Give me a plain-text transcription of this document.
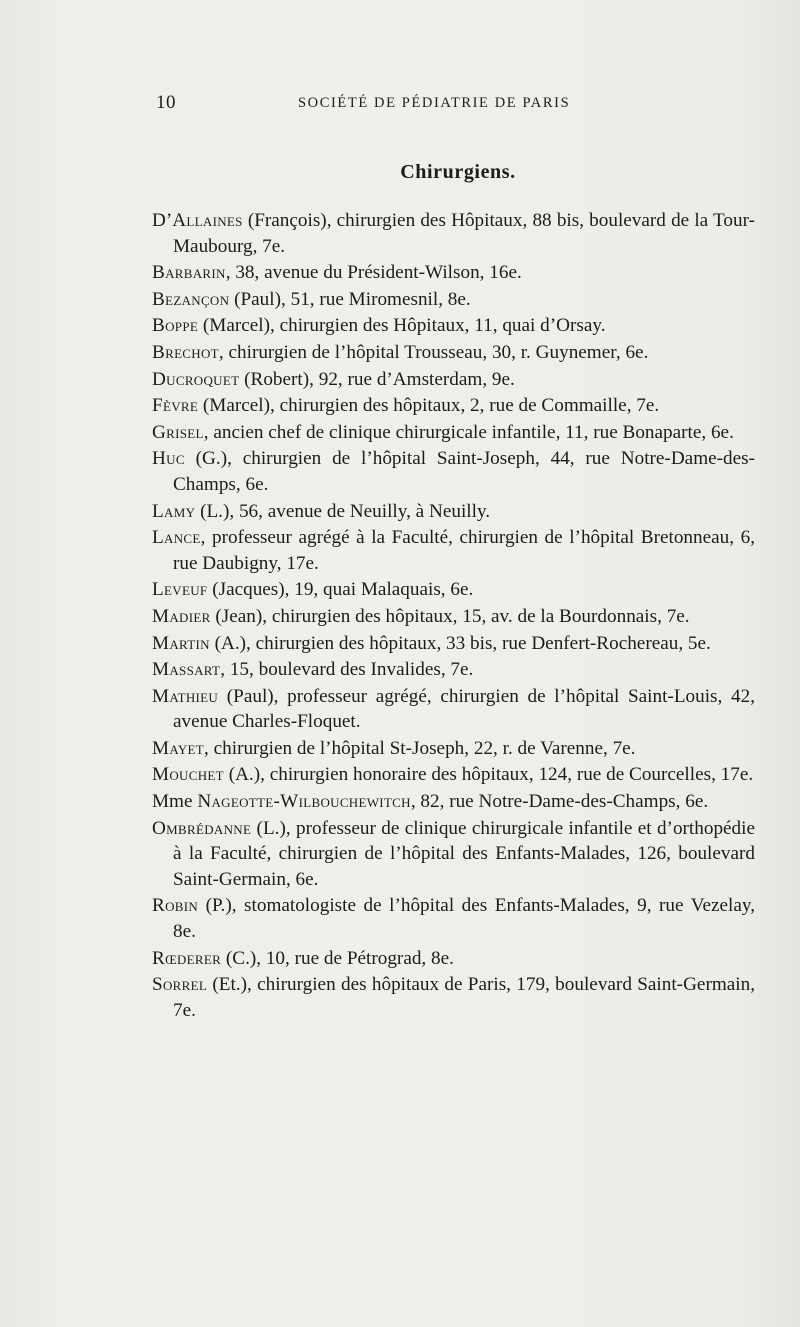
10	SOCIÉTÉ DE PÉDIATRIE DE PARIS
Chirurgiens.

D’Allaines (François), chirurgien des Hôpitaux, 88 bis, boulevard de la Tour-Maubourg, 7e.

Barbarin, 38, avenue du Président-Wilson, 16e.

Bezançon (Paul), 51, rue Miromesnil, 8e.

Boppe (Marcel), chirurgien des Hôpitaux, 11, quai d’Orsay.

Brechot, chirurgien de l’hôpital Trousseau, 30, r. Guynemer, 6e.

Ducroquet (Robert), 92, rue d’Amsterdam, 9e.

Fèvre (Marcel), chirurgien des hôpitaux, 2, rue de Commaille, 7e.

Grisel, ancien chef de clinique chirurgicale infantile, 11, rue Bonaparte, 6e.

Huc (G.), chirurgien de l’hôpital Saint-Joseph, 44, rue Notre-Dame-des-Champs, 6e.

Lamy (L.), 56, avenue de Neuilly, à Neuilly.

Lance, professeur agrégé à la Faculté, chirurgien de l’hôpital Bretonneau, 6, rue Daubigny, 17e.

Leveuf (Jacques), 19, quai Malaquais, 6e.

Madier (Jean), chirurgien des hôpitaux, 15, av. de la Bourdonnais, 7e.

Martin (A.), chirurgien des hôpitaux, 33 bis, rue Denfert-Rochereau, 5e.

Massart, 15, boulevard des Invalides, 7e.

Mathieu (Paul), professeur agrégé, chirurgien de l’hôpital Saint-Louis, 42, avenue Charles-Floquet.

Mayet, chirurgien de l’hôpital St-Joseph, 22, r. de Varenne, 7e.

Mouchet (A.), chirurgien honoraire des hôpitaux, 124, rue de Courcelles, 17e.

Mme Nageotte-Wilbouchewitch, 82, rue Notre-Dame-des-Champs, 6e.

Ombrédanne (L.), professeur de clinique chirurgicale infantile et d’orthopédie à la Faculté, chirurgien de l’hôpital des Enfants-Malades, 126, boulevard Saint-Germain, 6e.

Robin (P.), stomatologiste de l’hôpital des Enfants-Malades, 9, rue Vezelay, 8e.

Rœderer (C.), 10, rue de Pétrograd, 8e.

Sorrel (Et.), chirurgien des hôpitaux de Paris, 179, boulevard Saint-Germain, 7e.
